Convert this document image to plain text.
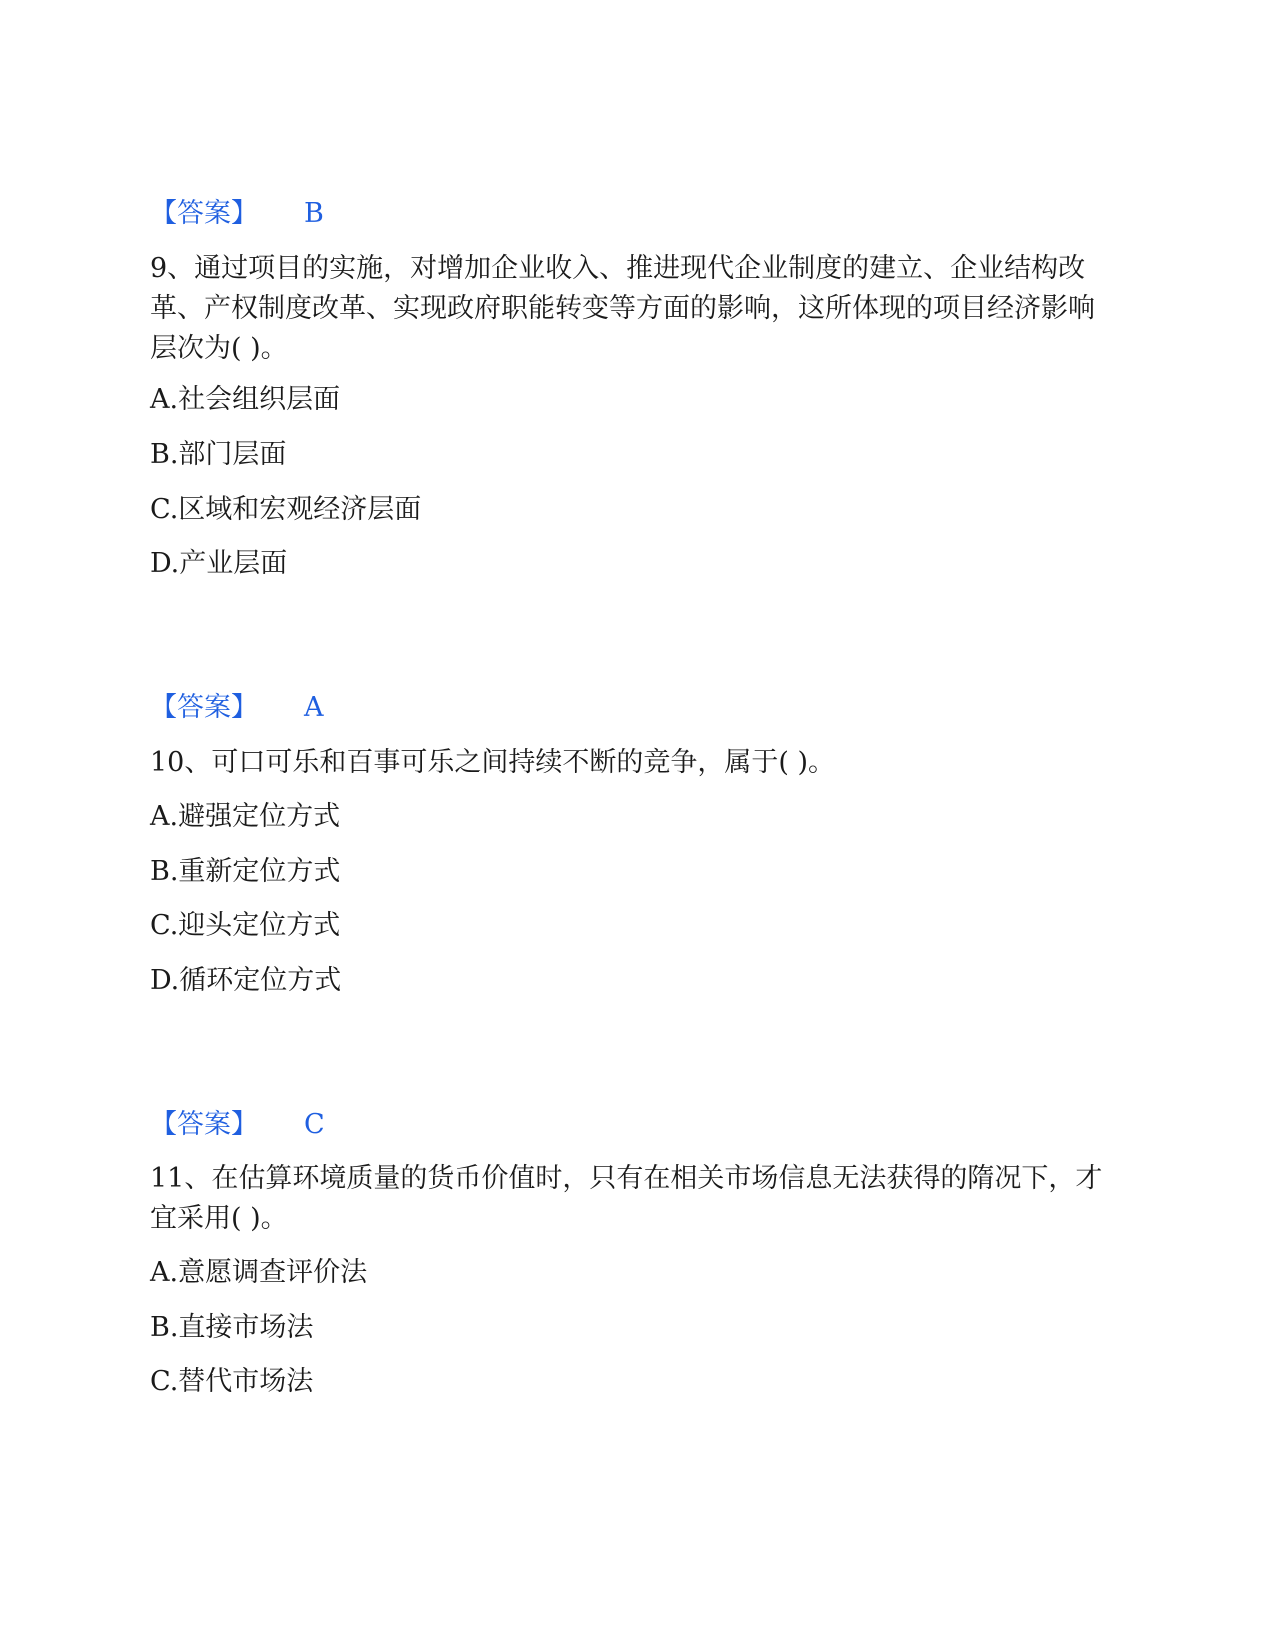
【答案】 B
9、通过项目的实施，对增加企业收入、推进现代企业制度的建立、企业结构改革、产权制度改革、实现政府职能转变等方面的影响，这所体现的项目经济影响层次为( )。
A.社会组织层面
B.部门层面
C.区域和宏观经济层面
D.产业层面
【答案】 A
10、可口可乐和百事可乐之间持续不断的竞争，属于( )。
A.避强定位方式
B.重新定位方式
C.迎头定位方式
D.循环定位方式
【答案】 C
11、在估算环境质量的货币价值时，只有在相关市场信息无法获得的隋况下，才宜采用( )。
A.意愿调查评价法
B.直接市场法
C.替代市场法
